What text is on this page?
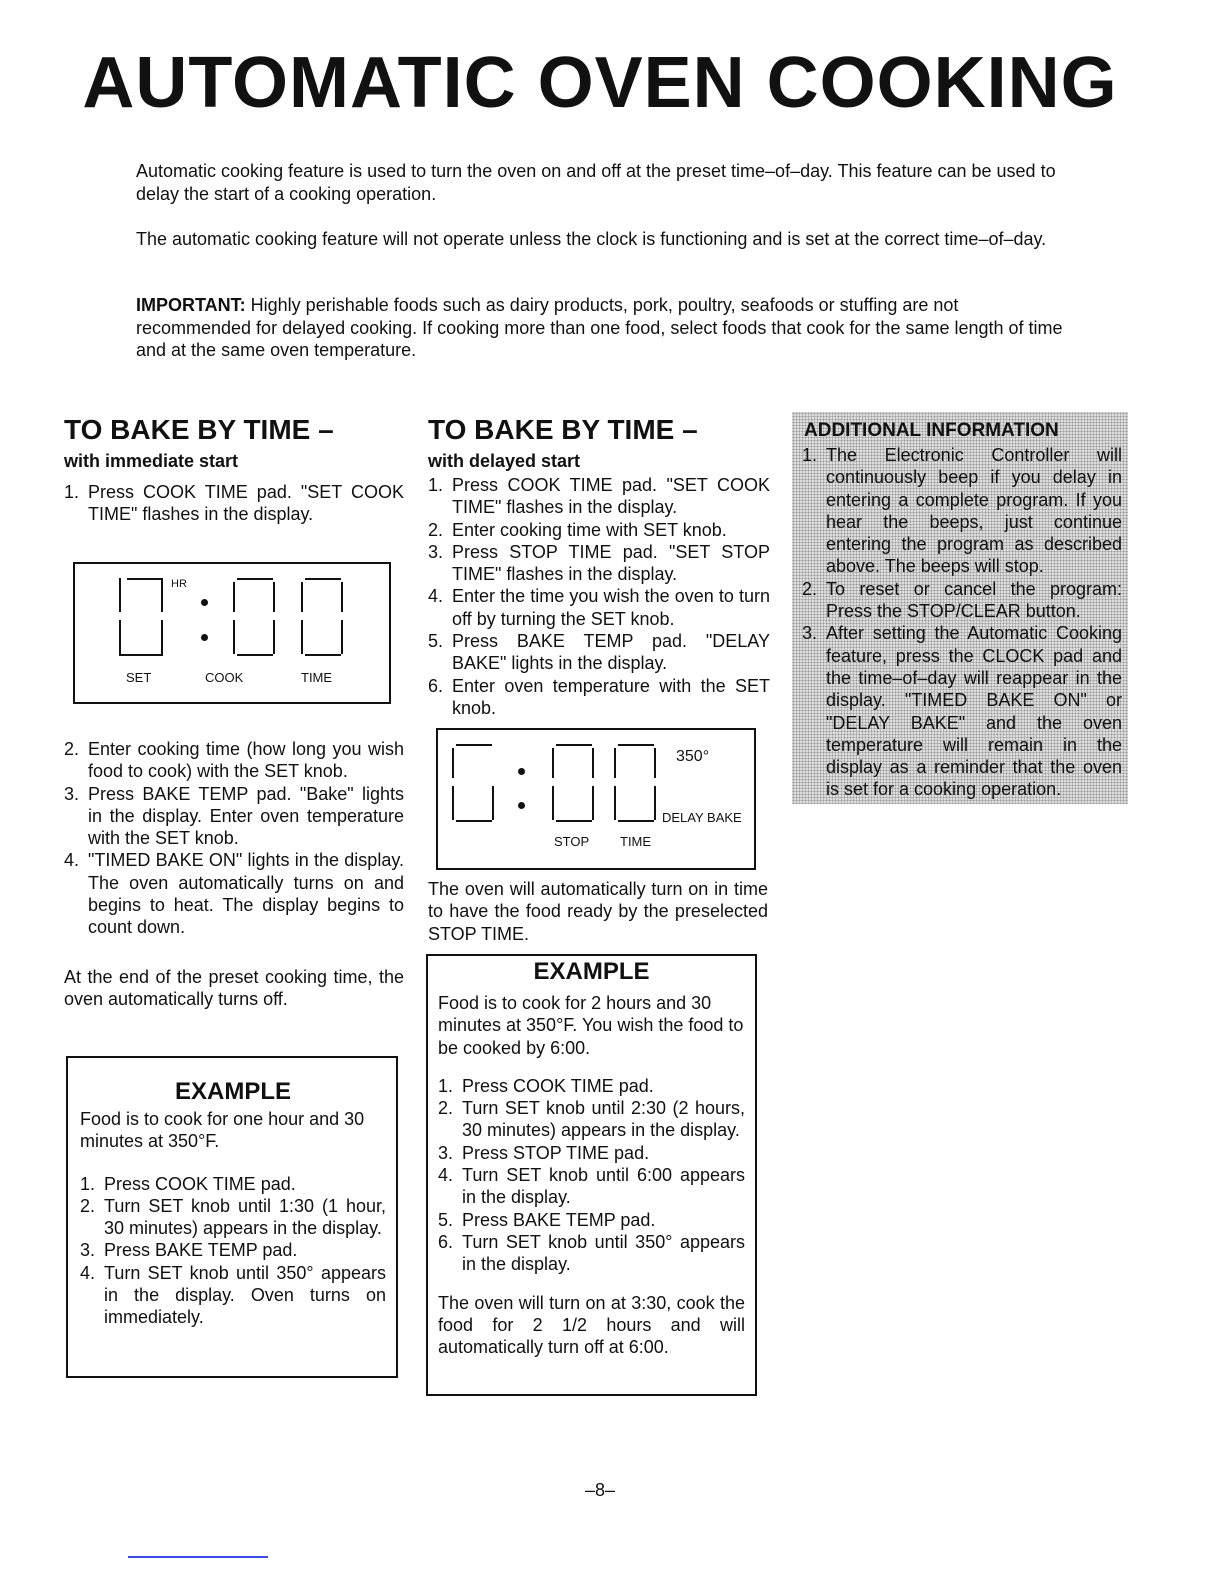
AUTOMATIC OVEN COOKING

Automatic cooking feature is used to turn the oven on and off at the preset time–of–day. This feature can be used to delay the start of a cooking operation.

The automatic cooking feature will not operate unless the clock is functioning and is set at the correct time–of–day.

IMPORTANT: Highly perishable foods such as dairy products, pork, poultry, seafoods or stuffing are not recommended for delayed cooking. If cooking more than one food, select foods that cook for the same length of time and at the same oven temperature.

TO BAKE BY TIME –
with immediate start
1. Press COOK TIME pad. "SET COOK TIME" flashes in the display.
HR
SET	COOK	TIME
2. Enter cooking time (how long you wish food to cook) with the SET knob.
3. Press BAKE TEMP pad. "Bake" lights in the display. Enter oven temperature with the SET knob.
4. "TIMED BAKE ON" lights in the display. The oven automatically turns on and begins to heat. The display begins to count down.

At the end of the preset cooking time, the oven automatically turns off.

EXAMPLE

Food is to cook for one hour and 30 minutes at 350°F.

1. Press COOK TIME pad.
2. Turn SET knob until 1:30 (1 hour, 30 minutes) appears in the display.
3. Press BAKE TEMP pad.
4. Turn SET knob until 350° appears in the display. Oven turns on immediately.
TO BAKE BY TIME –
with delayed start
1. Press COOK TIME pad. "SET COOK TIME" flashes in the display.
2. Enter cooking time with SET knob.
3. Press STOP TIME pad. "SET STOP TIME" flashes in the display.
4. Enter the time you wish the oven to turn off by turning the SET knob.
5. Press BAKE TEMP pad. "DELAY BAKE" lights in the display.
6. Enter oven temperature with the SET knob.
350°
DELAY BAKE
STOP TIME

The oven will automatically turn on in time to have the food ready by the preselected STOP TIME.

EXAMPLE

Food is to cook for 2 hours and 30 minutes at 350°F. You wish the food to be cooked by 6:00.

1. Press COOK TIME pad.
2. Turn SET knob until 2:30 (2 hours, 30 minutes) appears in the display.
3. Press STOP TIME pad.
4. Turn SET knob until 6:00 appears in the display.
5. Press BAKE TEMP pad.
6. Turn SET knob until 350° appears in the display.

The oven will turn on at 3:30, cook the food for 2 1/2 hours and will automatically turn off at 6:00.

ADDITIONAL INFORMATION
1. The Electronic Controller will continuously beep if you delay in entering a complete program. If you hear the beeps, just continue entering the program as described above. The beeps will stop.
2. To reset or cancel the program: Press the STOP/CLEAR button.
3. After setting the Automatic Cooking feature, press the CLOCK pad and the time–of–day will reappear in the display. "TIMED BAKE ON" or "DELAY BAKE" and the oven temperature will remain in the display as a reminder that the oven is set for a cooking operation.
–8–
